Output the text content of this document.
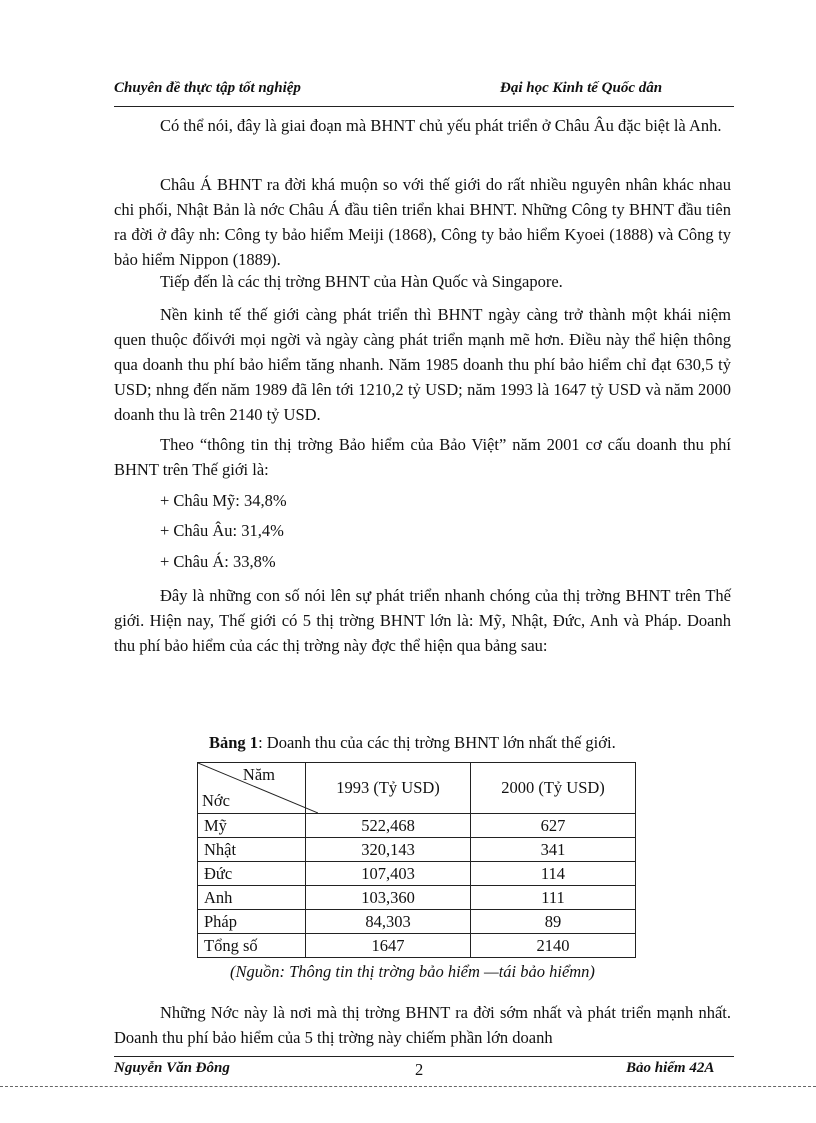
Chuyên đề thực tập tốt nghiệp	Đại học Kinh tế Quốc dân

Có thể nói, đây là giai đoạn mà BHNT chủ yếu phát triển ở Châu Âu đặc biệt là Anh.

Châu Á BHNT ra đời khá muộn so với thế giới do rất nhiều nguyên nhân khác nhau chi phối, Nhật Bản là nớc Châu Á đầu tiên triển khai BHNT. Những Công ty BHNT đầu tiên ra đời ở đây nh: Công ty bảo hiểm Meiji (1868), Công ty bảo hiểm Kyoei (1888) và Công ty bảo hiểm Nippon (1889).

Tiếp đến là các thị trờng BHNT của Hàn Quốc và Singapore.

Nền kinh tế thế giới càng phát triển thì BHNT ngày càng trở thành một khái niệm quen thuộc đốivới mọi ngời và ngày càng phát triển mạnh mẽ hơn. Điều này thể hiện thông qua doanh thu phí bảo hiểm tăng nhanh. Năm 1985 doanh thu phí bảo hiểm chỉ đạt 630,5 tỷ USD; nhng đến năm 1989 đã lên tới 1210,2 tỷ USD; năm 1993 là 1647 tỷ USD và năm 2000 doanh thu là trên 2140 tỷ USD.

Theo “thông tin thị trờng Bảo hiểm của Bảo Việt” năm 2001 cơ cấu doanh thu phí BHNT trên Thế giới là:

+ Châu Mỹ: 34,8%

+ Châu Âu: 31,4%

+ Châu Á: 33,8%

Đây là những con số nói lên sự phát triển nhanh chóng của thị trờng BHNT trên Thế giới. Hiện nay, Thế giới có 5 thị trờng BHNT lớn là: Mỹ, Nhật, Đức, Anh và Pháp. Doanh thu phí bảo hiểm của các thị trờng này đợc thể hiện qua bảng sau:

Bảng 1: Doanh thu của các thị trờng BHNT lớn nhất thế giới.
Năm
Nớc	1993 (Tỷ USD)	2000 (Tỷ USD)
Mỹ	522,468	627
Nhật	320,143	341
Đức	107,403	114
Anh	103,360	111
Pháp	84,303	89
Tổng số	1647	2140
(Nguồn: Thông tin thị trờng bảo hiểm —tái bảo hiểmn)

Những Nớc này là nơi mà thị trờng BHNT ra đời sớm nhất và phát triển mạnh nhất. Doanh thu phí bảo hiểm của 5 thị trờng này chiếm phần lớn doanh

Nguyễn Văn Đông	2	Bảo hiểm 42A
